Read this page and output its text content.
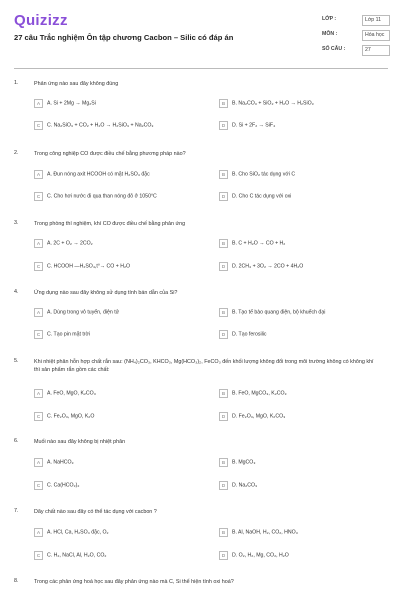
Quizizz
27 câu Trắc nghiệm Ôn tập chương Cacbon – Silic có đáp án
LỚP :	Lớp 11
MÔN :	Hóa học
SỐ CÂU :	27
1.	Phản ứng nào sau đây không đúng
A A. Si + 2Mg → Mg₂Si	B B. Na₂CO₃ + SiO₂ + H₂O → H₂SiO₃
C C. Na₂SiO₃ + CO₂ + H₂O → H₂SiO₃ + Na₂CO₃	D D. Si + 2F₂ → SiF₄
2.	Trong công nghiệp CO được điều chế bằng phương pháp nào?
A A. Đun nóng axit HCOOH có mặt H₂SO₄ đặc	B B. Cho SiO₂ tác dụng với C
C C. Cho hơi nước đi qua than nóng đỏ ở 1050°C	D D. Cho C tác dụng với oxi
3.	Trong phòng thí nghiệm, khí CO được điều chế bằng phản ứng
A A. 2C + O₂ → 2CO₂	B B. C + H₂O → CO + H₂
C C. HCOOH —H₂SO₄,t°→ CO + H₂O	D D. 2CH₄ + 3O₂ → 2CO + 4H₂O
4.	Ứng dụng nào sau đây không sử dụng tính bán dẫn của Si?
A A. Dùng trong vô tuyến, điện tử	B B. Tạo tế bào quang điện, bộ khuếch đại
C C. Tạo pin mặt trời	D D. Tạo ferosilic
5.	Khi nhiệt phân hỗn hợp chất rắn sau: (NH₄)₂CO₃, KHCO₃, Mg(HCO₃)₂, FeCO₃ đến khối lượng không đổi trong môi trường không có không khí thì sản phẩm rắn gồm các chất:
A A. FeO, MgO, K₂CO₃	B B. FeO, MgCO₃, K₂CO₃
C C. Fe₂O₃, MgO, K₂O	D D. Fe₂O₃, MgO, K₂CO₃
6.	Muối nào sau đây không bị nhiệt phân
A A. NaHCO₃	B B. MgCO₃
C C. Ca(HCO₃)₂	D D. Na₂CO₃
7.	Dãy chất nào sau đây có thể tác dụng với cacbon ?
A A. HCl, Ca, H₂SO₄ đặc, O₂	B B. Al, NaOH, H₂, CO₂, HNO₃
C C. H₂, NaCl, Al, H₂O, CO₂	D D. O₂, H₂, Mg, CO₂, H₂O
8.	Trong các phản ứng hoá học sau đây phản ứng nào mà C, Si thể hiện tính oxi hoá?
